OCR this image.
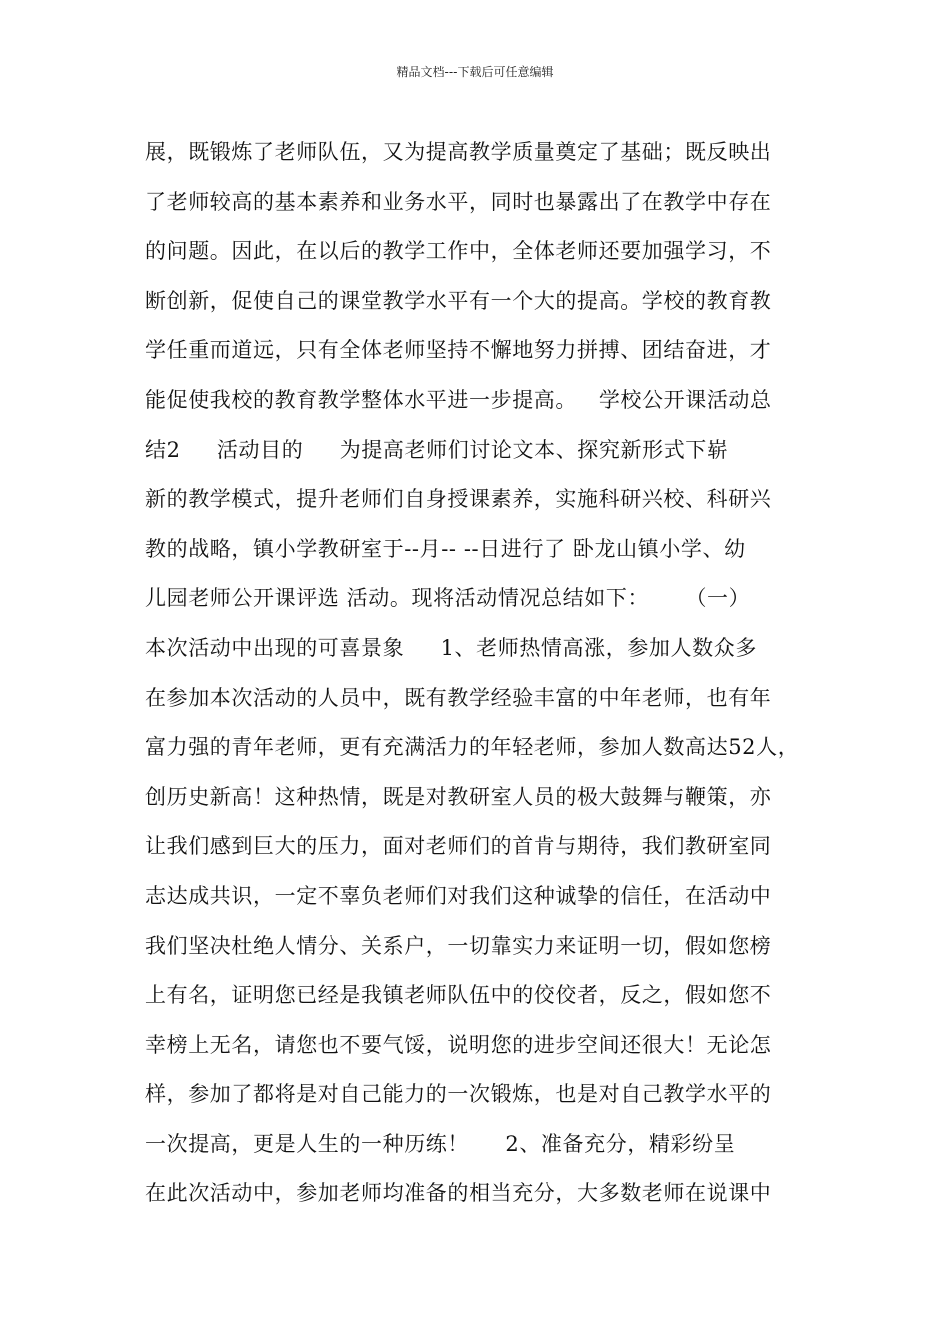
精品文档---下载后可任意编辑
展，既锻炼了老师队伍，又为提高教学质量奠定了基础；既反映出
了老师较高的基本素养和业务水平，同时也暴露出了在教学中存在
的问题。因此，在以后的教学工作中，全体老师还要加强学习，不
断创新，促使自己的课堂教学水平有一个大的提高。学校的教育教
学任重而道远，只有全体老师坚持不懈地努力拼搏、团结奋进，才
能促使我校的教育教学整体水平进一步提高。   学校公开课活动总
结2     活动目的     为提高老师们讨论文本、探究新形式下崭
新的教学模式，提升老师们自身授课素养，实施科研兴校、科研兴
教的战略，镇小学教研室于--月-- --日进行了 卧龙山镇小学、幼
儿园老师公开课评选 活动。现将活动情况总结如下：     （一）
本次活动中出现的可喜景象     1、老师热情高涨，参加人数众多
在参加本次活动的人员中，既有教学经验丰富的中年老师，也有年
富力强的青年老师，更有充满活力的年轻老师，参加人数高达52人，
创历史新高！这种热情，既是对教研室人员的极大鼓舞与鞭策，亦
让我们感到巨大的压力，面对老师们的首肯与期待，我们教研室同
志达成共识，一定不辜负老师们对我们这种诚挚的信任，在活动中
我们坚决杜绝人情分、关系户，一切靠实力来证明一切，假如您榜
上有名，证明您已经是我镇老师队伍中的佼佼者，反之，假如您不
幸榜上无名，请您也不要气馁，说明您的进步空间还很大！无论怎
样，参加了都将是对自己能力的一次锻炼，也是对自己教学水平的
一次提高，更是人生的一种历练！     2、准备充分，精彩纷呈
在此次活动中，参加老师均准备的相当充分，大多数老师在说课中
